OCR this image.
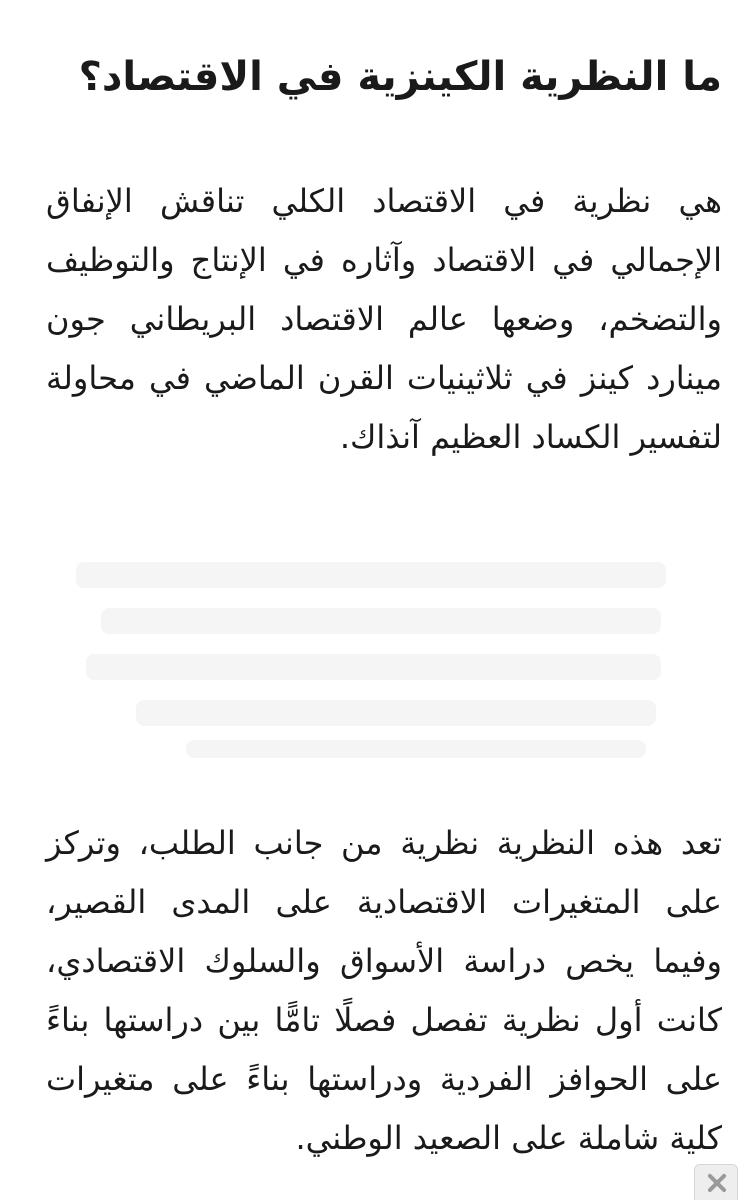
ما النظرية الكينزية في الاقتصاد؟

هي نظرية في الاقتصاد الكلي تناقش الإنفاق الإجمالي في الاقتصاد وآثاره في الإنتاج والتوظيف والتضخم، وضعها عالم الاقتصاد البريطاني جون مينارد كينز في ثلاثينيات القرن الماضي في محاولة لتفسير الكساد العظيم آنذاك.

تعد هذه النظرية نظرية من جانب الطلب، وتركز على المتغيرات الاقتصادية على المدى القصير، وفيما يخص دراسة الأسواق والسلوك الاقتصادي، كانت أول نظرية تفصل فصلًا تامًّا بين دراستها بناءً على الحوافز الفردية ودراستها بناءً على متغيرات كلية شاملة على الصعيد الوطني.
